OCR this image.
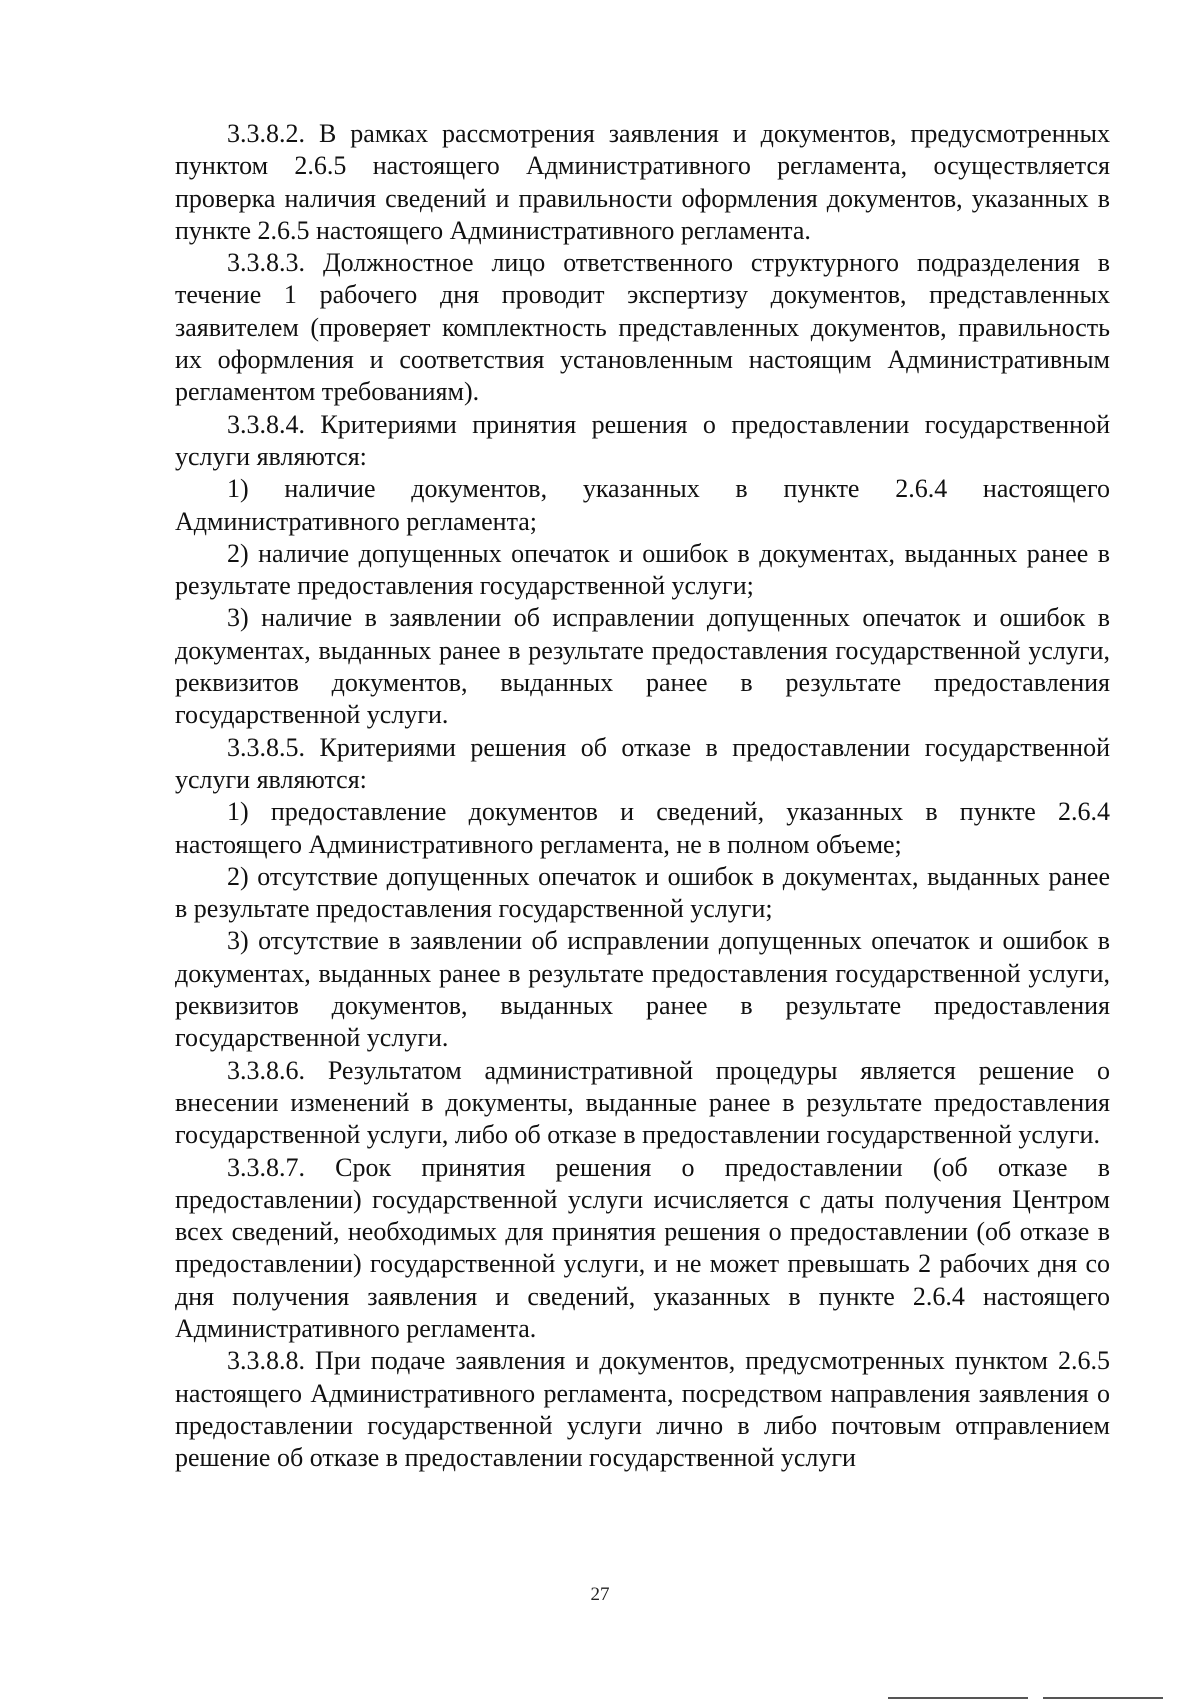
3.3.8.2. В рамках рассмотрения заявления и документов, предусмотренных пунктом 2.6.5 настоящего Административного регламента, осуществляется проверка наличия сведений и правильности оформления документов, указанных в пункте 2.6.5 настоящего Административного регламента.

3.3.8.3. Должностное лицо ответственного структурного подразделения в течение 1 рабочего дня проводит экспертизу документов, представленных заявителем (проверяет комплектность представленных документов, правильность их оформления и соответствия установленным настоящим Административным регламентом требованиям).

3.3.8.4. Критериями принятия решения о предоставлении государственной услуги являются:

1) наличие документов, указанных в пункте 2.6.4 настоящего Административного регламента;

2) наличие допущенных опечаток и ошибок в документах, выданных ранее в результате предоставления государственной услуги;

3) наличие в заявлении об исправлении допущенных опечаток и ошибок в документах, выданных ранее в результате предоставления государственной услуги, реквизитов документов, выданных ранее в результате предоставления государственной услуги.

3.3.8.5. Критериями решения об отказе в предоставлении государственной услуги являются:

1) предоставление документов и сведений, указанных в пункте 2.6.4 настоящего Административного регламента, не в полном объеме;

2) отсутствие допущенных опечаток и ошибок в документах, выданных ранее в результате предоставления государственной услуги;

3) отсутствие в заявлении об исправлении допущенных опечаток и ошибок в документах, выданных ранее в результате предоставления государственной услуги, реквизитов документов, выданных ранее в результате предоставления государственной услуги.

3.3.8.6. Результатом административной процедуры является решение о внесении изменений в документы, выданные ранее в результате предоставления государственной услуги, либо об отказе в предоставлении государственной услуги.

3.3.8.7. Срок принятия решения о предоставлении (об отказе в предоставлении) государственной услуги исчисляется с даты получения Центром всех сведений, необходимых для принятия решения о предоставлении (об отказе в предоставлении) государственной услуги, и не может превышать 2 рабочих дня со дня получения заявления и сведений, указанных в пункте 2.6.4 настоящего Административного регламента.

3.3.8.8. При подаче заявления и документов, предусмотренных пунктом 2.6.5 настоящего Административного регламента, посредством направления заявления о предоставлении государственной услуги лично в либо почтовым отправлением решение об отказе в предоставлении государственной услуги

27
